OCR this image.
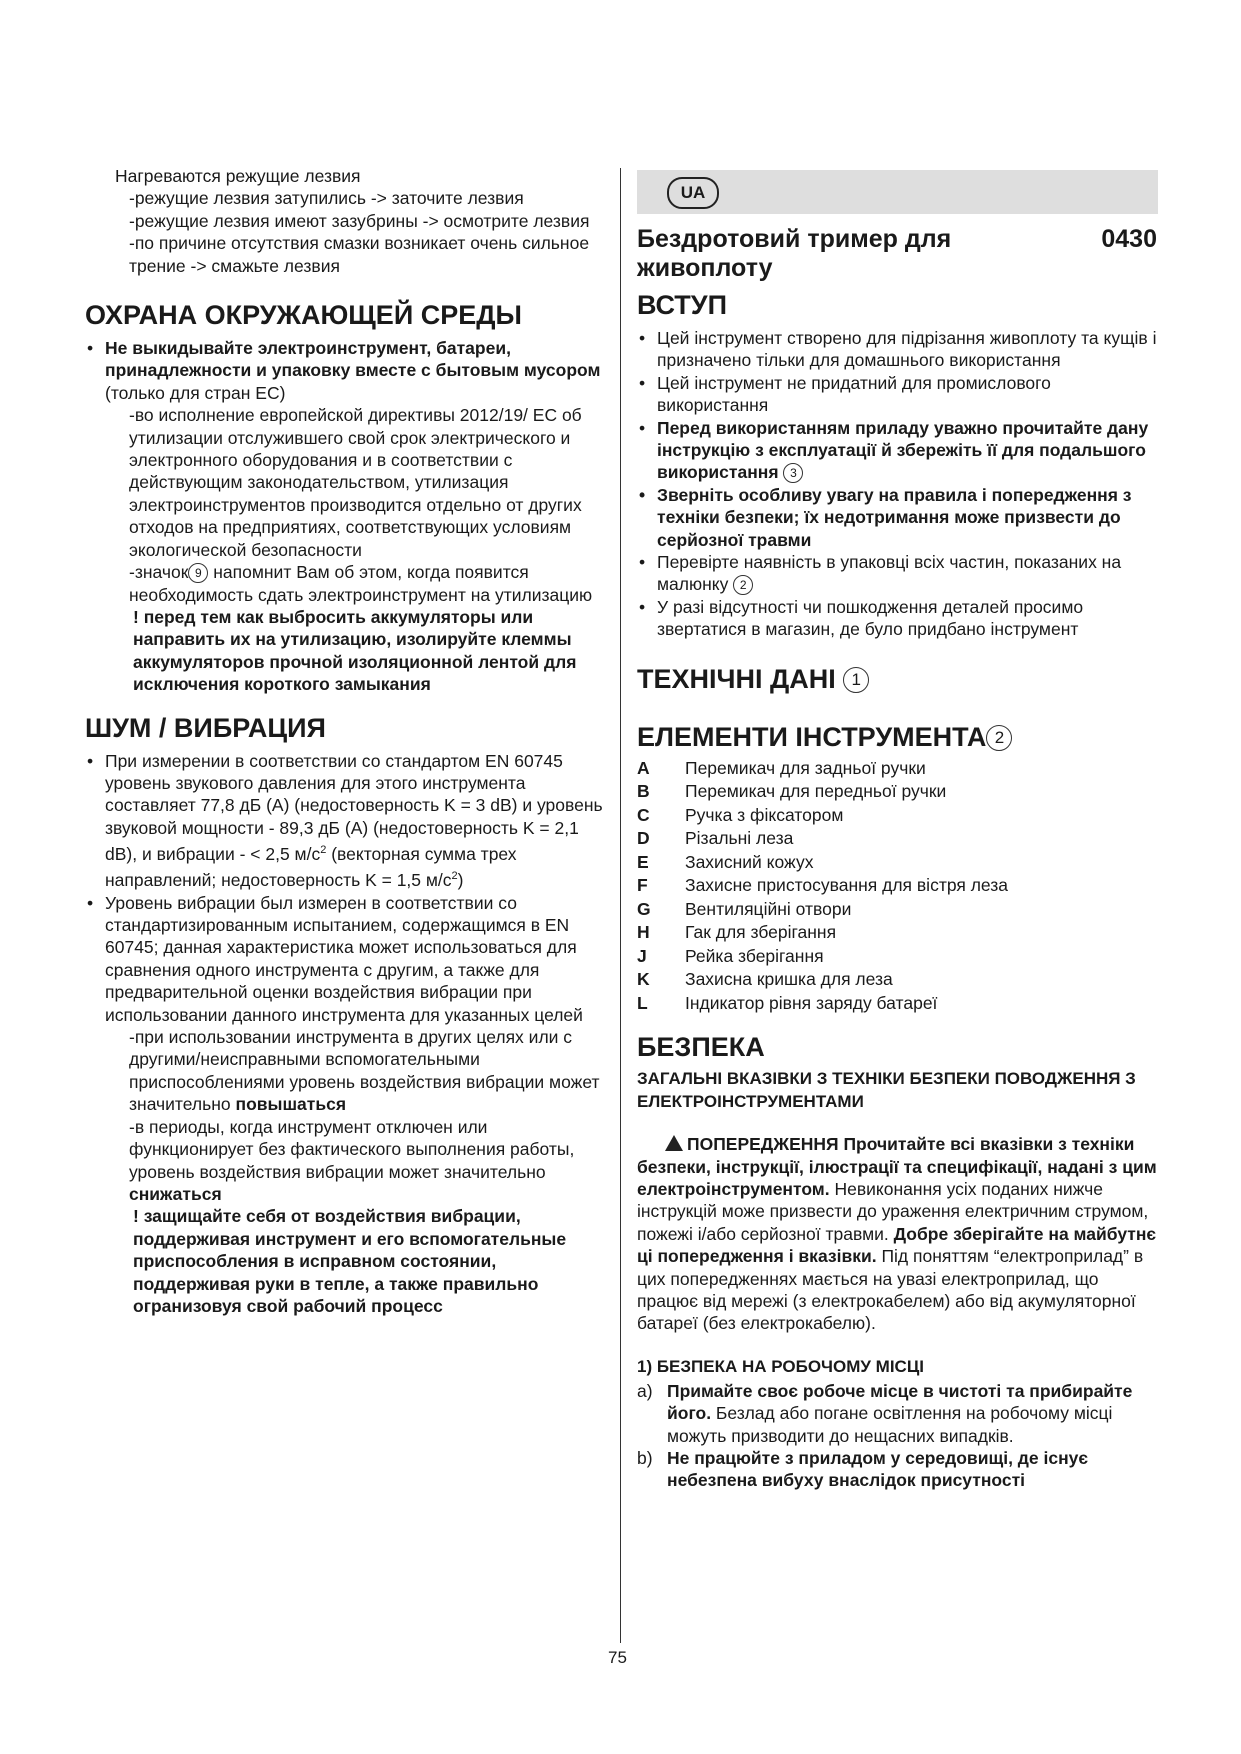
Нагреваются режущие лезвия
-режущие лезвия затупились -> заточите лезвия
-режущие лезвия имеют зазубрины -> осмотрите лезвия
-по причине отсутствия смазки возникает очень сильное трение -> смажьте лезвия
ОХРАНА ОКРУЖАЮЩЕЙ СРЕДЫ
• Не выкидывайте электроинструмент, батареи, принадлежности и упаковку вместе с бытовым мусором (только для стран ЕС)
-во исполнение европейской директивы 2012/19/ ЕС об утилизации отслужившего свой срок электрического и электронного оборудования и в соответствии с действующим законодательством, утилизация электроинструментов производится отдельно от других отходов на предприятиях, соответствующих условиям экологической безопасности
-значок 9 напомнит Вам об этом, когда появится необходимость сдать электроинструмент на утилизацию
! перед тем как выбросить аккумуляторы или направить их на утилизацию, изолируйте клеммы аккумуляторов прочной изоляционной лентой для исключения короткого замыкания
ШУМ / ВИБРАЦИЯ
• При измерении в соответствии со стандартом EN 60745 уровень звукового давления для этого инструмента составляет 77,8 дБ (A) (недостоверность K = 3 dB) и уровень звуковой мощности - 89,3 дБ (A) (недостоверность K = 2,1 dB), и вибрации - < 2,5 $м/с^2$ (векторная сумма трех направлений; недостоверность K = 1,5 $м/с^2$)
• Уровень вибрации был измерен в соответствии со стандартизированным испытанием, содержащимся в EN 60745; данная характеристика может использоваться для сравнения одного инструмента с другим, а также для предварительной оценки воздействия вибрации при использовании данного инструмента для указанных целей
-при использовании инструмента в других целях или с другими/неисправными вспомогательными приспособлениями уровень воздействия вибрации может значительно повышаться
-в периоды, когда инструмент отключен или функционирует без фактического выполнения работы, уровень воздействия вибрации может значительно снижаться
! защищайте себя от воздействия вибрации, поддерживая инструмент и его вспомогательные приспособления в исправном состоянии, поддерживая руки в тепле, а также правильно огранизовуя свой рабочий процесс
UA
Бездротовий тример для живоплоту
0430
ВСТУП
• Цей інструмент створено для підрізання живоплоту та кущів і призначено тільки для домашнього використання
• Цей інструмент не придатний для промислового використання
• Перед використанням приладу уважно прочитайте дану інструкцію з експлуатації й збережіть її для подальшого використання 3
• Зверніть особливу увагу на правила і попередження з техніки безпеки; їх недотримання може призвести до серйозної травми
• Перевірте наявність в упаковці всіх частин, показаних на малюнку 2
• У разі відсутності чи пошкодження деталей просимо звертатися в магазин, де було придбано інструмент
ТЕХНІЧНІ ДАНІ 1
ЕЛЕМЕНТИ ІНСТРУМЕНТА 2
A	Перемикач для задньої ручки
B	Перемикач для передньої ручки
C	Ручка з фіксатором
D	Різальні леза
E	Захисний кожух
F	Захисне пристосування для вістря леза
G	Вентиляційні отвори
H	Гак для зберігання
J	Рейка зберігання
K	Захисна кришка для леза
L	Індикатор рівня заряду батареї
БЕЗПЕКА
ЗАГАЛЬНІ ВКАЗІВКИ З ТЕХНІКИ БЕЗПЕКИ ПОВОДЖЕННЯ З ЕЛЕКТРОІНСТРУМЕНТАМИ
ПОПЕРЕДЖЕННЯ Прочитайте всі вказівки з техніки безпеки, інструкції, ілюстрації та специфікації, надані з цим електроінструментом. Невиконання усіх поданих нижче інструкцій може призвести до ураження електричним струмом, пожежі і/або серйозної травми. Добре зберігайте на майбутнє ці попередження і вказівки. Під поняттям “електроприлад” в цих попередженнях мається на увазі електроприлад, що працює від мережі (з електрокабелем) або від акумуляторної батареї (без електрокабелю).
1) БЕЗПЕКА НА РОБОЧОМУ МІСЦІ
a) Примайте своє робоче місце в чистоті та прибирайте його. Безлад або погане освітлення на робочому місці можуть призводити до нещасних випадків.
b) Не працюйте з приладом у середовищі, де існує небезпена вибуху внаслідок присутності
75
